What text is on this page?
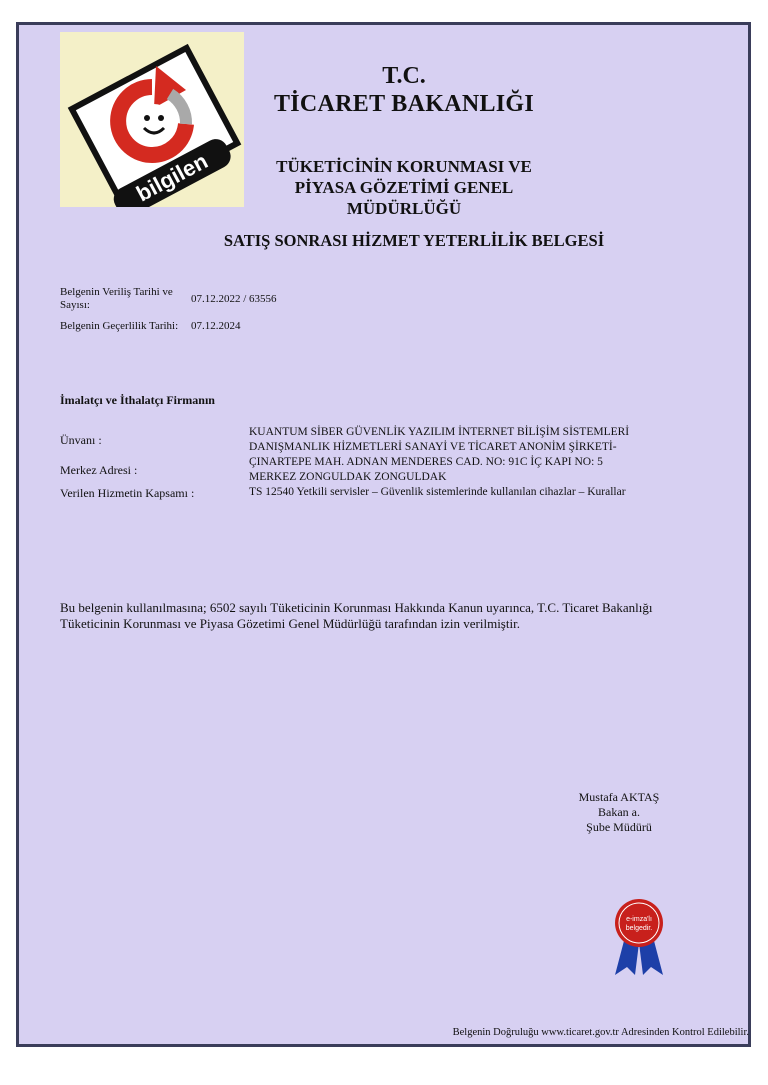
bilgilen
T.C.
TİCARET BAKANLIĞI
TÜKETİCİNİN KORUNMASI VE
PİYASA GÖZETİMİ GENEL
MÜDÜRLÜĞÜ
SATIŞ SONRASI HİZMET YETERLİLİK BELGESİ
Belgenin Veriliş Tarihi ve Sayısı:	07.12.2022 / 63556
Belgenin Geçerlilik Tarihi: 07.12.2024
İmalatçı ve İthalatçı Firmanın
Ünvanı :
Merkez Adresi :
Verilen Hizmetin Kapsamı :
KUANTUM SİBER GÜVENLİK YAZILIM İNTERNET BİLİŞİM SİSTEMLERİ
DANIŞMANLIK HİZMETLERİ SANAYİ VE TİCARET ANONİM ŞİRKETİ-
ÇINARTEPE MAH. ADNAN MENDERES CAD. NO: 91C İÇ KAPI NO: 5
MERKEZ ZONGULDAK ZONGULDAK
TS 12540 Yetkili servisler – Güvenlik sistemlerinde kullanılan cihazlar – Kurallar
Bu belgenin kullanılmasına; 6502 sayılı Tüketicinin Korunması Hakkında Kanun uyarınca, T.C. Ticaret Bakanlığı Tüketicinin Korunması ve Piyasa Gözetimi Genel Müdürlüğü tarafından izin verilmiştir.
Mustafa AKTAŞ
Bakan a.
Şube Müdürü
e-imza'lı
belgedir.
Belgenin Doğruluğu www.ticaret.gov.tr Adresinden Kontrol Edilebilir.
